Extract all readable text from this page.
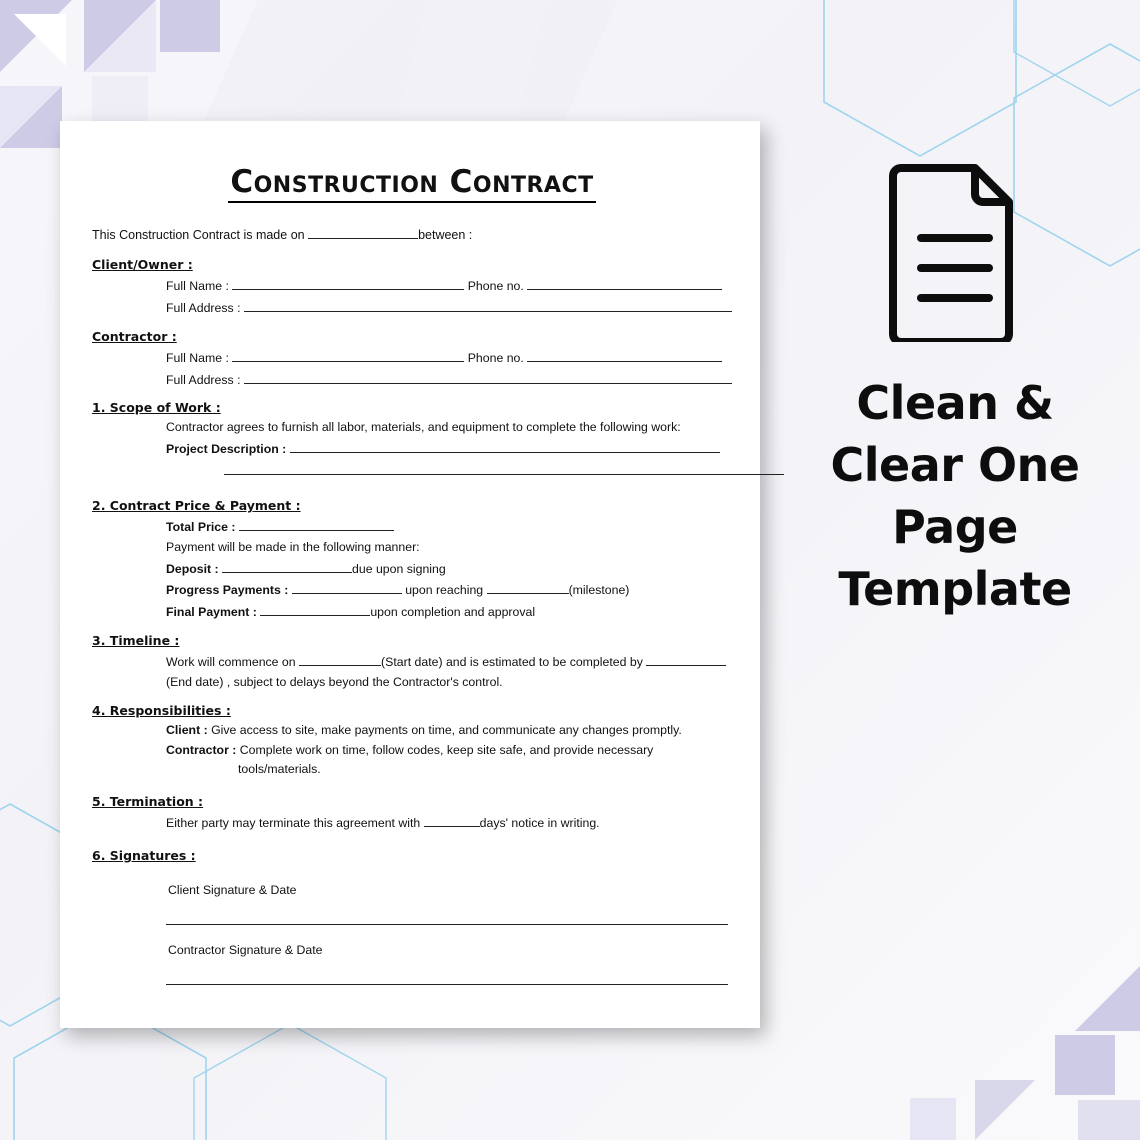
Construction Contract

This Construction Contract is made on	between :

Client/Owner :
Full Name :	Phone no.
Full Address :
Contractor :
Full Name :	Phone no.
Full Address :
1. Scope of Work :
Contractor agrees to furnish all labor, materials, and equipment to complete the following work:
Project Description :
2. Contract Price & Payment :
Total Price :
Payment will be made in the following manner:
Deposit :	due upon signing
Progress Payments :	upon reaching	(milestone)
Final Payment :	upon completion and approval
3. Timeline :
Work will commence on	(Start date) and is estimated to be completed by
(End date) , subject to delays beyond the Contractor's control.
4. Responsibilities :
Client : Give access to site, make payments on time, and communicate any changes promptly.
Contractor : Complete work on time, follow codes, keep site safe, and provide necessary
tools/materials.
5. Termination :
Either party may terminate this agreement with	days' notice in writing.
6. Signatures :
Client Signature & Date
Contractor Signature & Date
Clean &
Clear One
Page
Template
